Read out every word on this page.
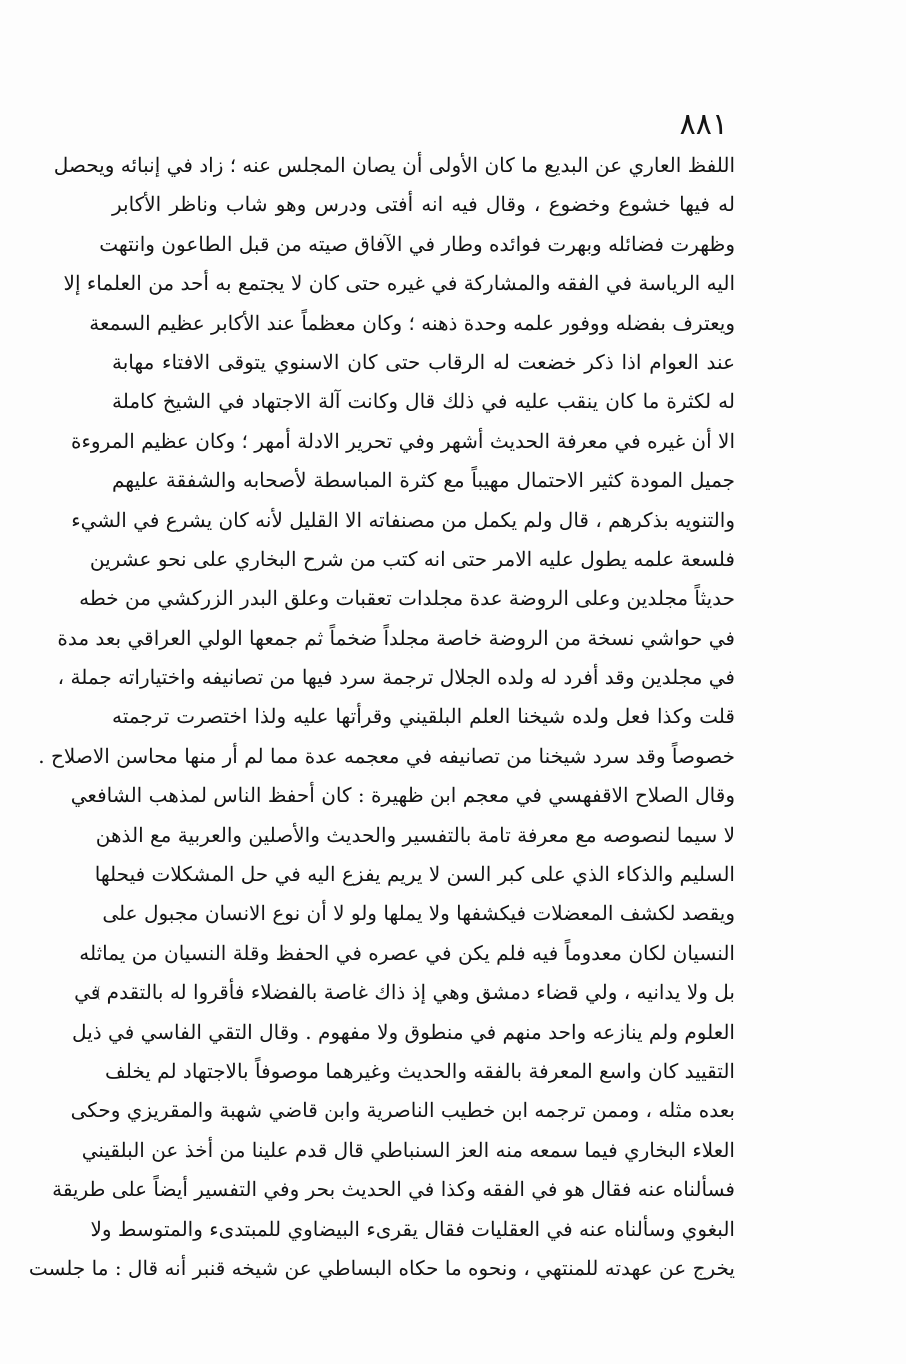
٨٨١
اللفظ العاري عن البديع ما كان الأولى أن يصان المجلس عنه ؛ زاد في إنبائه ويحصل
له فيها خشوع وخضوع ، وقال فيه انه أفتى ودرس وهو شاب وناظر الأكابر
وظهرت فضائله وبهرت فوائده وطار في الآفاق صيته من قبل الطاعون وانتهت
اليه الرياسة في الفقه والمشاركة في غيره حتى كان لا يجتمع به أحد من العلماء إلا
ويعترف بفضله ووفور علمه وحدة ذهنه ؛ وكان معظماً عند الأكابر عظيم السمعة
عند العوام اذا ذكر خضعت له الرقاب حتى كان الاسنوي يتوقى الافتاء مهابة
له لكثرة ما كان ينقب عليه في ذلك قال وكانت آلة الاجتهاد في الشيخ كاملة
الا أن غيره في معرفة الحديث أشهر وفي تحرير الادلة أمهر ؛ وكان عظيم المروءة
جميل المودة كثير الاحتمال مهيباً مع كثرة المباسطة لأصحابه والشفقة عليهم
والتنويه بذكرهم ، قال ولم يكمل من مصنفاته الا القليل لأنه كان يشرع في الشيء
فلسعة علمه يطول عليه الامر حتى انه كتب من شرح البخاري على نحو عشرين
حديثاً مجلدين وعلى الروضة عدة مجلدات تعقبات وعلق البدر الزركشي من خطه
في حواشي نسخة من الروضة خاصة مجلداً ضخماً ثم جمعها الولي العراقي بعد مدة
في مجلدين وقد أفرد له ولده الجلال ترجمة سرد فيها من تصانيفه واختياراته جملة ،
قلت وكذا فعل ولده شيخنا العلم البلقيني وقرأتها عليه ولذا اختصرت ترجمته
خصوصاً وقد سرد شيخنا من تصانيفه في معجمه عدة مما لم أر منها محاسن الاصلاح .
وقال الصلاح الاقفهسي في معجم ابن ظهيرة : كان أحفظ الناس لمذهب الشافعي
لا سيما لنصوصه مع معرفة تامة بالتفسير والحديث والأصلين والعربية مع الذهن
السليم والذكاء الذي على كبر السن لا يريم يفزع اليه في حل المشكلات فيحلها
ويقصد لكشف المعضلات فيكشفها ولا يملها ولو لا أن نوع الانسان مجبول على
النسيان لكان معدوماً فيه فلم يكن في عصره في الحفظ وقلة النسيان من يماثله
بل ولا يدانيه ، ولي قضاء دمشق وهي إذ ذاك غاصة بالفضلاء فأقروا له بالتقدم في
العلوم ولم ينازعه واحد منهم في منطوق ولا مفهوم . وقال التقي الفاسي في ذيل
التقييد كان واسع المعرفة بالفقه والحديث وغيرهما موصوفاً بالاجتهاد لم يخلف
بعده مثله ، وممن ترجمه ابن خطيب الناصرية وابن قاضي شهبة والمقريزي وحكى
العلاء البخاري فيما سمعه منه العز السنباطي قال قدم علينا من أخذ عن البلقيني
فسألناه عنه فقال هو في الفقه وكذا في الحديث بحر وفي التفسير أيضاً على طريقة
البغوي وسألناه عنه في العقليات فقال يقرىء البيضاوي للمبتدىء والمتوسط ولا
يخرج عن عهدته للمنتهي ، ونحوه ما حكاه البساطي عن شيخه قنبر أنه قال : ما جلست
